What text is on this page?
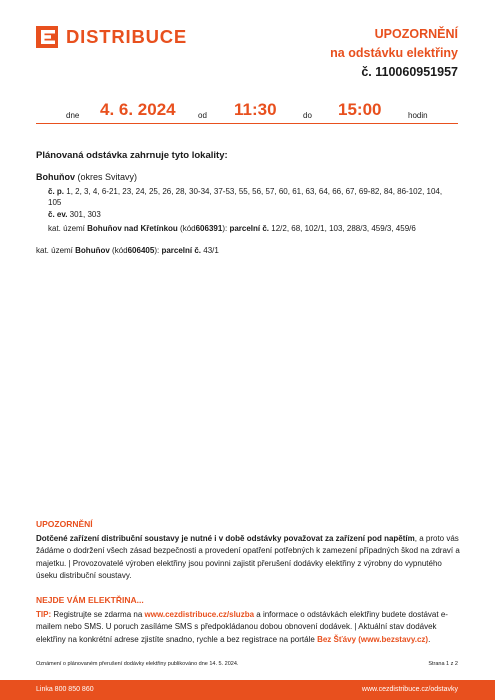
DISTRIBUCE	UPOZORNĚNÍ
na odstávku elektřiny
č. 110060951957
dne 4. 6. 2024	od 11:30	do 15:00	hodin
Plánovaná odstávka zahrnuje tyto lokality:
Bohuňov (okres Svitavy)
č. p. 1, 2, 3, 4, 6-21, 23, 24, 25, 26, 28, 30-34, 37-53, 55, 56, 57, 60, 61, 63, 64, 66, 67, 69-82, 84, 86-102, 104,
105
č. ev. 301, 303
kat. území Bohuňov nad Křetínkou (kód606391): parcelní č. 12/2, 68, 102/1, 103, 288/3, 459/3, 459/6
kat. území Bohuňov (kód606405): parcelní č. 43/1
UPOZORNĚNÍ
Dotčené zařízení distribuční soustavy je nutné i v době odstávky považovat za zařízení pod napětím, a proto vás žádáme o dodržení všech zásad bezpečnosti a provedení opatření potřebných k zamezení případných škod na zdraví a majetku. | Provozovatelé výroben elektřiny jsou povinni zajistit přerušení dodávky elektřiny z výrobny do vypnutého úseku distribuční soustavy.
NEJDE VÁM ELEKTŘINA...
TIP: Registrujte se zdarma na www.cezdistribuce.cz/sluzba a informace o odstávkách elektřiny budete dostávat e-mailem nebo SMS. U poruch zasíláme SMS s předpokládanou dobou obnovení dodávek. | Aktuální stav dodávek elektřiny na konkrétní adrese zjistíte snadno, rychle a bez registrace na portále Bez Šťávy (www.bezstavy.cz).
Oznámení o plánovaném přerušení dodávky elektřiny publikováno dne 14. 5. 2024.	Strana 1 z 2
Linka 800 850 860	www.cezdistribuce.cz/odstavky
